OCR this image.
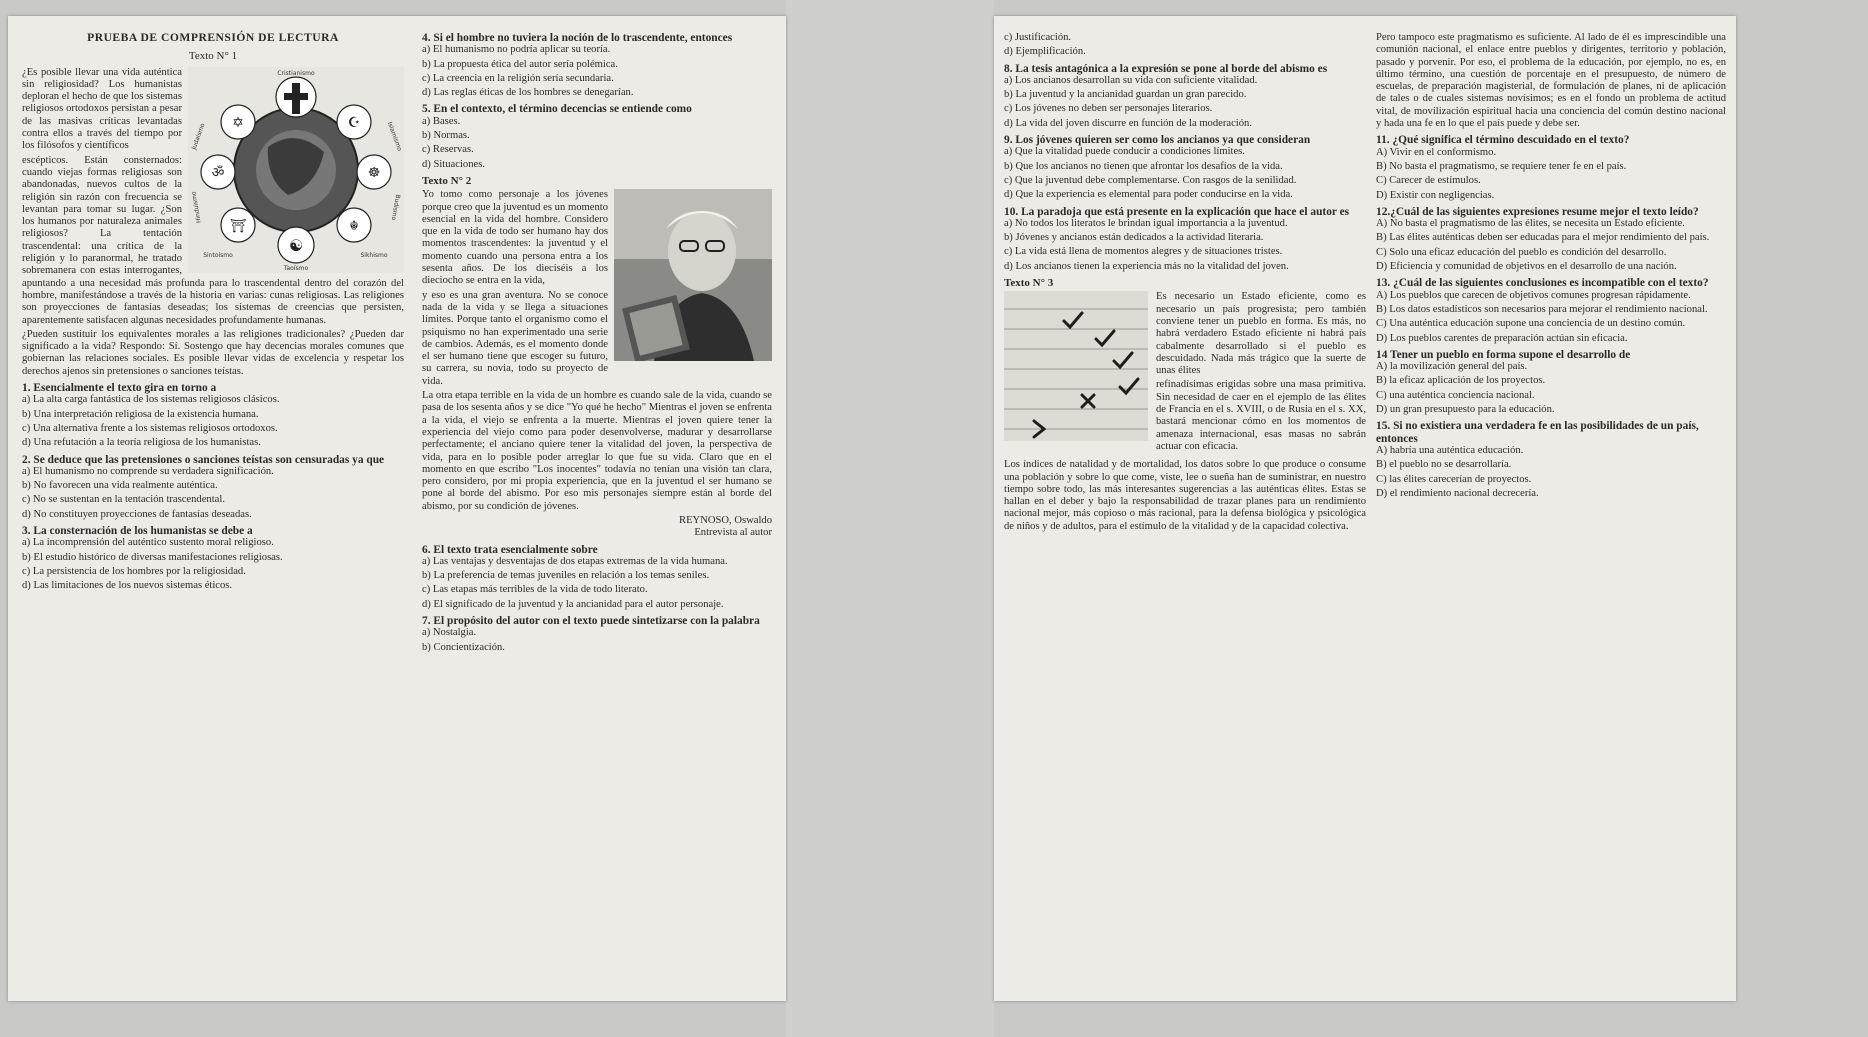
PRUEBA DE COMPRENSIÓN DE LECTURA
Texto N° 1
✡	☪
ॐ	☸
⛩	☬
☯
Cristianismo
Islamismo
Judaísmo
Hinduismo	Budismo
Taoísmo
Sintoísmo	Sikhismo

¿Es posible llevar una vida auténtica sin religiosidad? Los humanistas deploran el hecho de que los sistemas religiosos ortodoxos persistan a pesar de las masivas críticas levantadas contra ellos a través del tiempo por los filósofos y científicos

escépticos. Están consternados: cuando viejas formas religiosas son abandonadas, nuevos cultos de la religión sin razón con frecuencia se levantan para tomar su lugar. ¿Son los humanos por naturaleza animales religiosos? La tentación trascendental: una crítica de la religión y lo paranormal, he tratado sobremanera con estas interrogantes, apuntando a una necesidad más profunda para lo trascendental dentro del corazón del hombre, manifestándose a través de la historia en varias: cunas religiosas. Las religiones son proyecciones de fantasías deseadas; los sistemas de creencias que persisten, aparentemente satisfacen algunas necesidades profundamente humanas.

¿Pueden sustituir los equivalentes morales a las religiones tradicionales? ¿Pueden dar significado a la vida? Respondo: Sí. Sostengo que hay decencias morales comunes que gobiernan las relaciones sociales. Es posible llevar vidas de excelencia y respetar los derechos ajenos sin pretensiones o sanciones teístas.

1. Esencialmente el texto gira en torno a
a) La alta carga fantástica de los sistemas religiosos clásicos.
b) Una interpretación religiosa de la existencia humana.
c) Una alternativa frente a los sistemas religiosos ortodoxos.
d) Una refutación a la teoría religiosa de los humanistas.
2. Se deduce que las pretensiones o sanciones teístas son censuradas ya que
a) El humanismo no comprende su verdadera significación.
b) No favorecen una vida realmente auténtica.
c) No se sustentan en la tentación trascendental.
d) No constituyen proyecciones de fantasías deseadas.
3. La consternación de los humanistas se debe a
a) La incomprensión del auténtico sustento moral religioso.
b) El estudio histórico de diversas manifestaciones religiosas.
c) La persistencia de los hombres por la religiosidad.
d) Las limitaciones de los nuevos sistemas éticos.
4. Si el hombre no tuviera la noción de lo trascendente, entonces
a) El humanismo no podría aplicar su teoría.
b) La propuesta ética del autor sería polémica.
c) La creencia en la religión sería secundaria.
d) Las reglas éticas de los hombres se denegarían.
5. En el contexto, el término decencias se entiende como
a) Bases.
b) Normas.
c) Reservas.
d) Situaciones.
Texto N° 2

Yo tomo como personaje a los jóvenes porque creo que la juventud es un momento esencial en la vida del hombre. Considero que en la vida de todo ser humano hay dos momentos trascendentes: la juventud y el momento cuando una persona entra a los sesenta años. De los dieciséis a los dieciocho se entra en la vida,

y eso es una gran aventura. No se conoce nada de la vida y se llega a situaciones límites. Porque tanto el organismo como el psiquismo no han experimentado una serie de cambios. Además, es el momento donde el ser humano tiene que escoger su futuro, su carrera, su novia, todo su proyecto de vida.

La otra etapa terrible en la vida de un hombre es cuando sale de la vida, cuando se pasa de los sesenta años y se dice "Yo qué he hecho" Mientras el joven se enfrenta a la vida, el viejo se enfrenta a la muerte. Mientras el joven quiere tener la experiencia del viejo como para poder desenvolverse, madurar y desarrollarse perfectamente; el anciano quiere tener la vitalidad del joven, la perspectiva de vida, para en lo posible poder arreglar lo que fue su vida. Claro que en el momento en que escribo "Los inocentes" todavía no tenían una visión tan clara, pero considero, por mi propia experiencia, que en la juventud el ser humano se pone al borde del abismo. Por eso mis personajes siempre están al borde del abismo, por su condición de jóvenes.

REYNOSO, Oswaldo
Entrevista al autor
6. El texto trata esencialmente sobre
a) Las ventajas y desventajas de dos etapas extremas de la vida humana.
b) La preferencia de temas juveniles en relación a los temas seniles.
c) Las etapas más terribles de la vida de todo literato.
d) El significado de la juventud y la ancianidad para el autor personaje.
7. El propósito del autor con el texto puede sintetizarse con la palabra
a) Nostalgia.
b) Concientización.
c) Justificación.
d) Ejemplificación.
8. La tesis antagónica a la expresión se pone al borde del abismo es
a) Los ancianos desarrollan su vida con suficiente vitalidad.
b) La juventud y la ancianidad guardan un gran parecido.
c) Los jóvenes no deben ser personajes literarios.
d) La vida del joven discurre en función de la moderación.
9. Los jóvenes quieren ser como los ancianos ya que consideran
a) Que la vitalidad puede conducir a condiciones límites.
b) Que los ancianos no tienen que afrontar los desafíos de la vida.
c) Que la juventud debe complementarse. Con rasgos de la senilidad.
d) Que la experiencia es elemental para poder conducirse en la vida.
10. La paradoja que está presente en la explicación que hace el autor es
a) No todos los literatos le brindan igual importancia a la juventud.
b) Jóvenes y ancianos están dedicados a la actividad literaria.
c) La vida está llena de momentos alegres y de situaciones tristes.
d) Los ancianos tienen la experiencia más no la vitalidad del joven.
Texto N° 3

Es necesario un Estado eficiente, como es necesario un país progresista; pero también conviene tener un pueblo en forma. Es más, no habrá verdadero Estado eficiente ni habrá país cabalmente desarrollado si el pueblo es descuidado. Nada más trágico que la suerte de unas élites

refinadísimas erigidas sobre una masa primitiva. Sin necesidad de caer en el ejemplo de las élites de Francia en el s. XVIII, o de Rusia en el s. XX, bastará mencionar cómo en los momentos de amenaza internacional, esas masas no sabrán actuar con eficacia.

Los índices de natalidad y de mortalidad, los datos sobre lo que produce o consume una población y sobre lo que come, viste, lee o sueña han de suministrar, en nuestro tiempo sobre todo, las más interesantes sugerencias a las auténticas élites. Estas se hallan en el deber y bajo la responsabilidad de trazar planes para un rendimiento nacional mejor, más copioso o más racional, para la defensa biológica y psicológica de niños y de adultos, para el estímulo de la vitalidad y de la capacidad colectiva.

Pero tampoco este pragmatismo es suficiente. Al lado de él es imprescindible una comunión nacional, el enlace entre pueblos y dirigentes, territorio y población, pasado y porvenir. Por eso, el problema de la educación, por ejemplo, no es, en último término, una cuestión de porcentaje en el presupuesto, de número de escuelas, de preparación magisterial, de formulación de planes, ni de aplicación de tales o de cuales sistemas novísimos; es en el fondo un problema de actitud vital, de movilización espiritual hacia una conciencia del común destino nacional y hada una fe en lo que el país puede y debe ser.

11. ¿Qué significa el término descuidado en el texto?
A) Vivir en el conformismo.
B) No basta el pragmatismo, se requiere tener fe en el país.
C) Carecer de estímulos.
D) Existir con negligencias.
12.¿Cuál de las siguientes expresiones resume mejor el texto leído?
A) No basta el pragmatismo de las élites, se necesita un Estado eficiente.
B) Las élites auténticas deben ser educadas para el mejor rendimiento del país.
C) Solo una eficaz educación del pueblo es condición del desarrollo.
D) Eficiencia y comunidad de objetivos en el desarrollo de una nación.
13. ¿Cuál de las siguientes conclusiones es incompatible con el texto?
A) Los pueblos que carecen de objetivos comunes progresan rápidamente.
B) Los datos estadísticos son necesarios para mejorar el rendimiento nacional.
C) Una auténtica educación supone una conciencia de un destino común.
D) Los pueblos carentes de preparación actúan sin eficacia.
14 Tener un pueblo en forma supone el desarrollo de
A) la movilización general del país.
B) la eficaz aplicación de los proyectos.
C) una auténtica conciencia nacional.
D) un gran presupuesto para la educación.
15. Si no existiera una verdadera fe en las posibilidades de un país, entonces
A) habría una auténtica educación.
B) el pueblo no se desarrollaría.
C) las élites carecerían de proyectos.
D) el rendimiento nacional decrecería.
